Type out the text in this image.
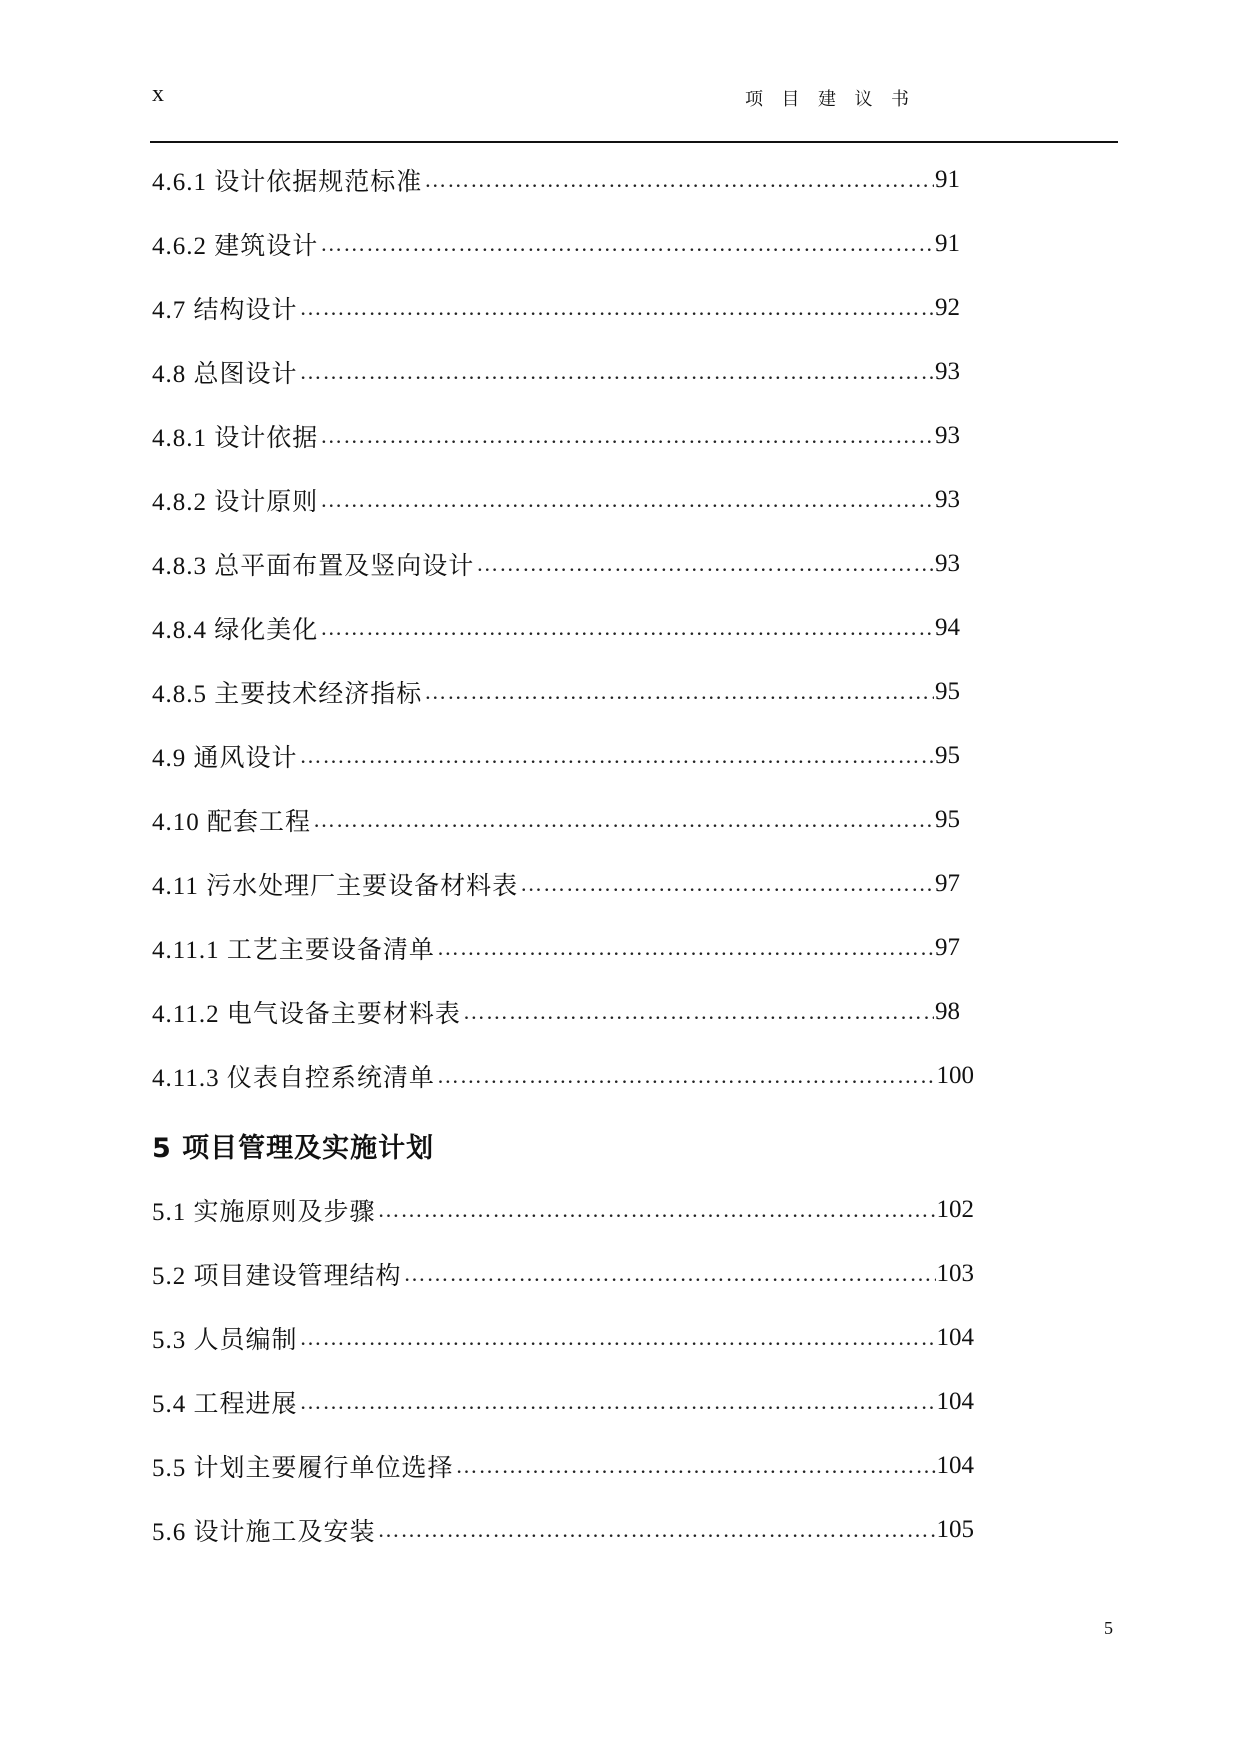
x	项 目 建 议 书
4.6.1 设计依据规范标准 ……………………………………………………………………………………………………………………………………	91
4.6.2 建筑设计 ……………………………………………………………………………………………………………………………………	91
4.7 结构设计 ……………………………………………………………………………………………………………………………………	92
4.8 总图设计 ……………………………………………………………………………………………………………………………………	93
4.8.1 设计依据 ……………………………………………………………………………………………………………………………………	93
4.8.2 设计原则 ……………………………………………………………………………………………………………………………………	93
4.8.3 总平面布置及竖向设计 ……………………………………………………………………………………………………………………………………	93
4.8.4 绿化美化 ……………………………………………………………………………………………………………………………………	94
4.8.5 主要技术经济指标 ……………………………………………………………………………………………………………………………………	95
4.9 通风设计 ……………………………………………………………………………………………………………………………………	95
4.10 配套工程 ……………………………………………………………………………………………………………………………………	95
4.11 污水处理厂主要设备材料表 ……………………………………………………………………………………………………………………………………	97
4.11.1 工艺主要设备清单 ……………………………………………………………………………………………………………………………………	97
4.11.2 电气设备主要材料表 ……………………………………………………………………………………………………………………………………	98
4.11.3 仪表自控系统清单 ……………………………………………………………………………………………………………………………………	100
5 项目管理及实施计划
5.1 实施原则及步骤 ……………………………………………………………………………………………………………………………………	102
5.2 项目建设管理结构 ……………………………………………………………………………………………………………………………………	103
5.3 人员编制 ……………………………………………………………………………………………………………………………………	104
5.4 工程进展 ……………………………………………………………………………………………………………………………………	104
5.5 计划主要履行单位选择 ……………………………………………………………………………………………………………………………………	104
5.6 设计施工及安装 ……………………………………………………………………………………………………………………………………	105
5
